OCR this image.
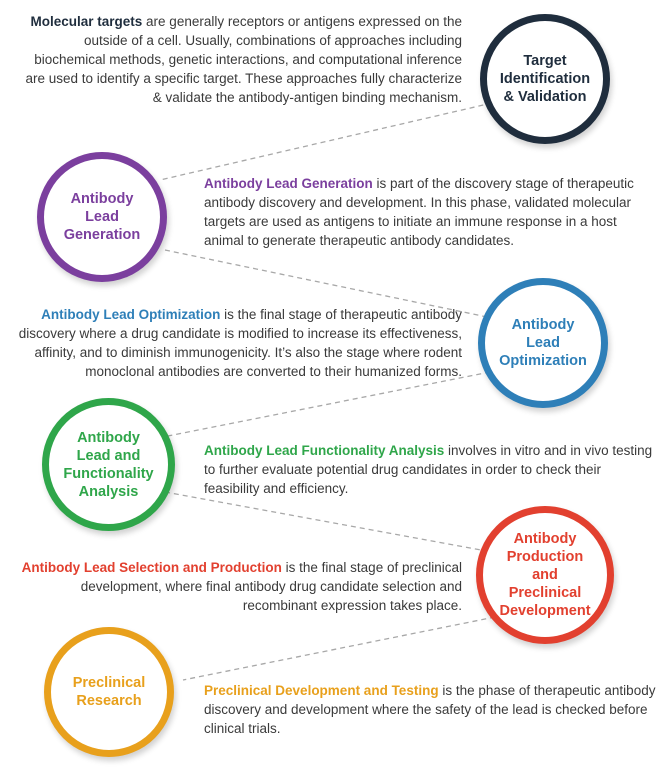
Target Identification & Validation
Antibody Lead Generation
Antibody Lead Optimization
Antibody Lead and Functionality Analysis
Antibody Production and Preclinical Development
Preclinical Research

Molecular targets are generally receptors or antigens expressed on the outside of a cell. Usually, combinations of approaches including biochemical methods, genetic interactions, and computational inference are used to identify a specific target. These approaches fully characterize & validate the antibody-antigen binding mechanism.

Antibody Lead Generation is part of the discovery stage of therapeutic antibody discovery and development. In this phase, validated molecular targets are used as antigens to initiate an immune response in a host animal to generate therapeutic antibody candidates.

Antibody Lead Optimization is the final stage of therapeutic antibody discovery where a drug candidate is modified to increase its effectiveness, affinity, and to diminish immunogenicity. It’s also the stage where rodent monoclonal antibodies are converted to their humanized forms.

Antibody Lead Functionality Analysis involves in vitro and in vivo testing to further evaluate potential drug candidates in order to check their feasibility and efficiency.

Antibody Lead Selection and Production is the final stage of preclinical development, where final antibody drug candidate selection and recombinant expression takes place.

Preclinical Development and Testing is the phase of therapeutic antibody discovery and development where the safety of the lead is checked before clinical trials.
